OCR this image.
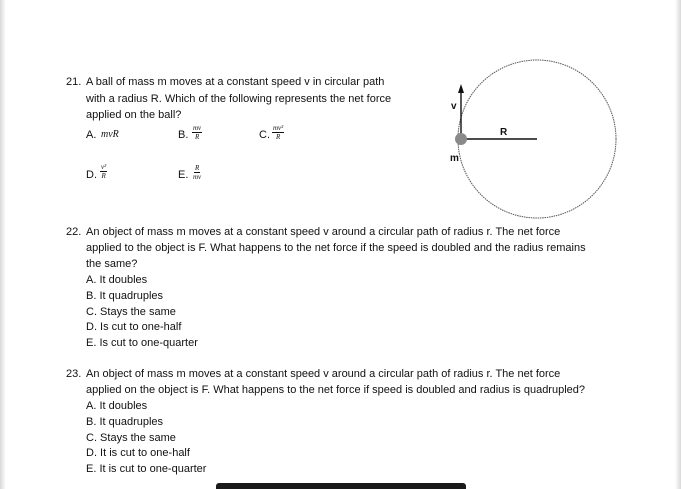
21. A ball of mass m moves at a constant speed v in circular path
with a radius R. Which of the following represents the net force
applied on the ball?
A. mvR	B. $\frac{mv}{R}$	C. $\frac{\text{mv²}}{R}$
D. $\frac{\text{v²}}{R}$	E. $\frac{R}{mv}$
v
R
m
22. An object of mass m moves at a constant speed v around a circular path of radius r. The net force
applied to the object is F. What happens to the net force if the speed is doubled and the radius remains
the same?
A. It doubles
B. It quadruples
C. Stays the same
D. Is cut to one-half
E. Is cut to one-quarter
23. An object of mass m moves at a constant speed v around a circular path of radius r. The net force
applied on the object is F. What happens to the net force if speed is doubled and radius is quadrupled?
A. It doubles
B. It quadruples
C. Stays the same
D. It is cut to one-half
E. It is cut to one-quarter
